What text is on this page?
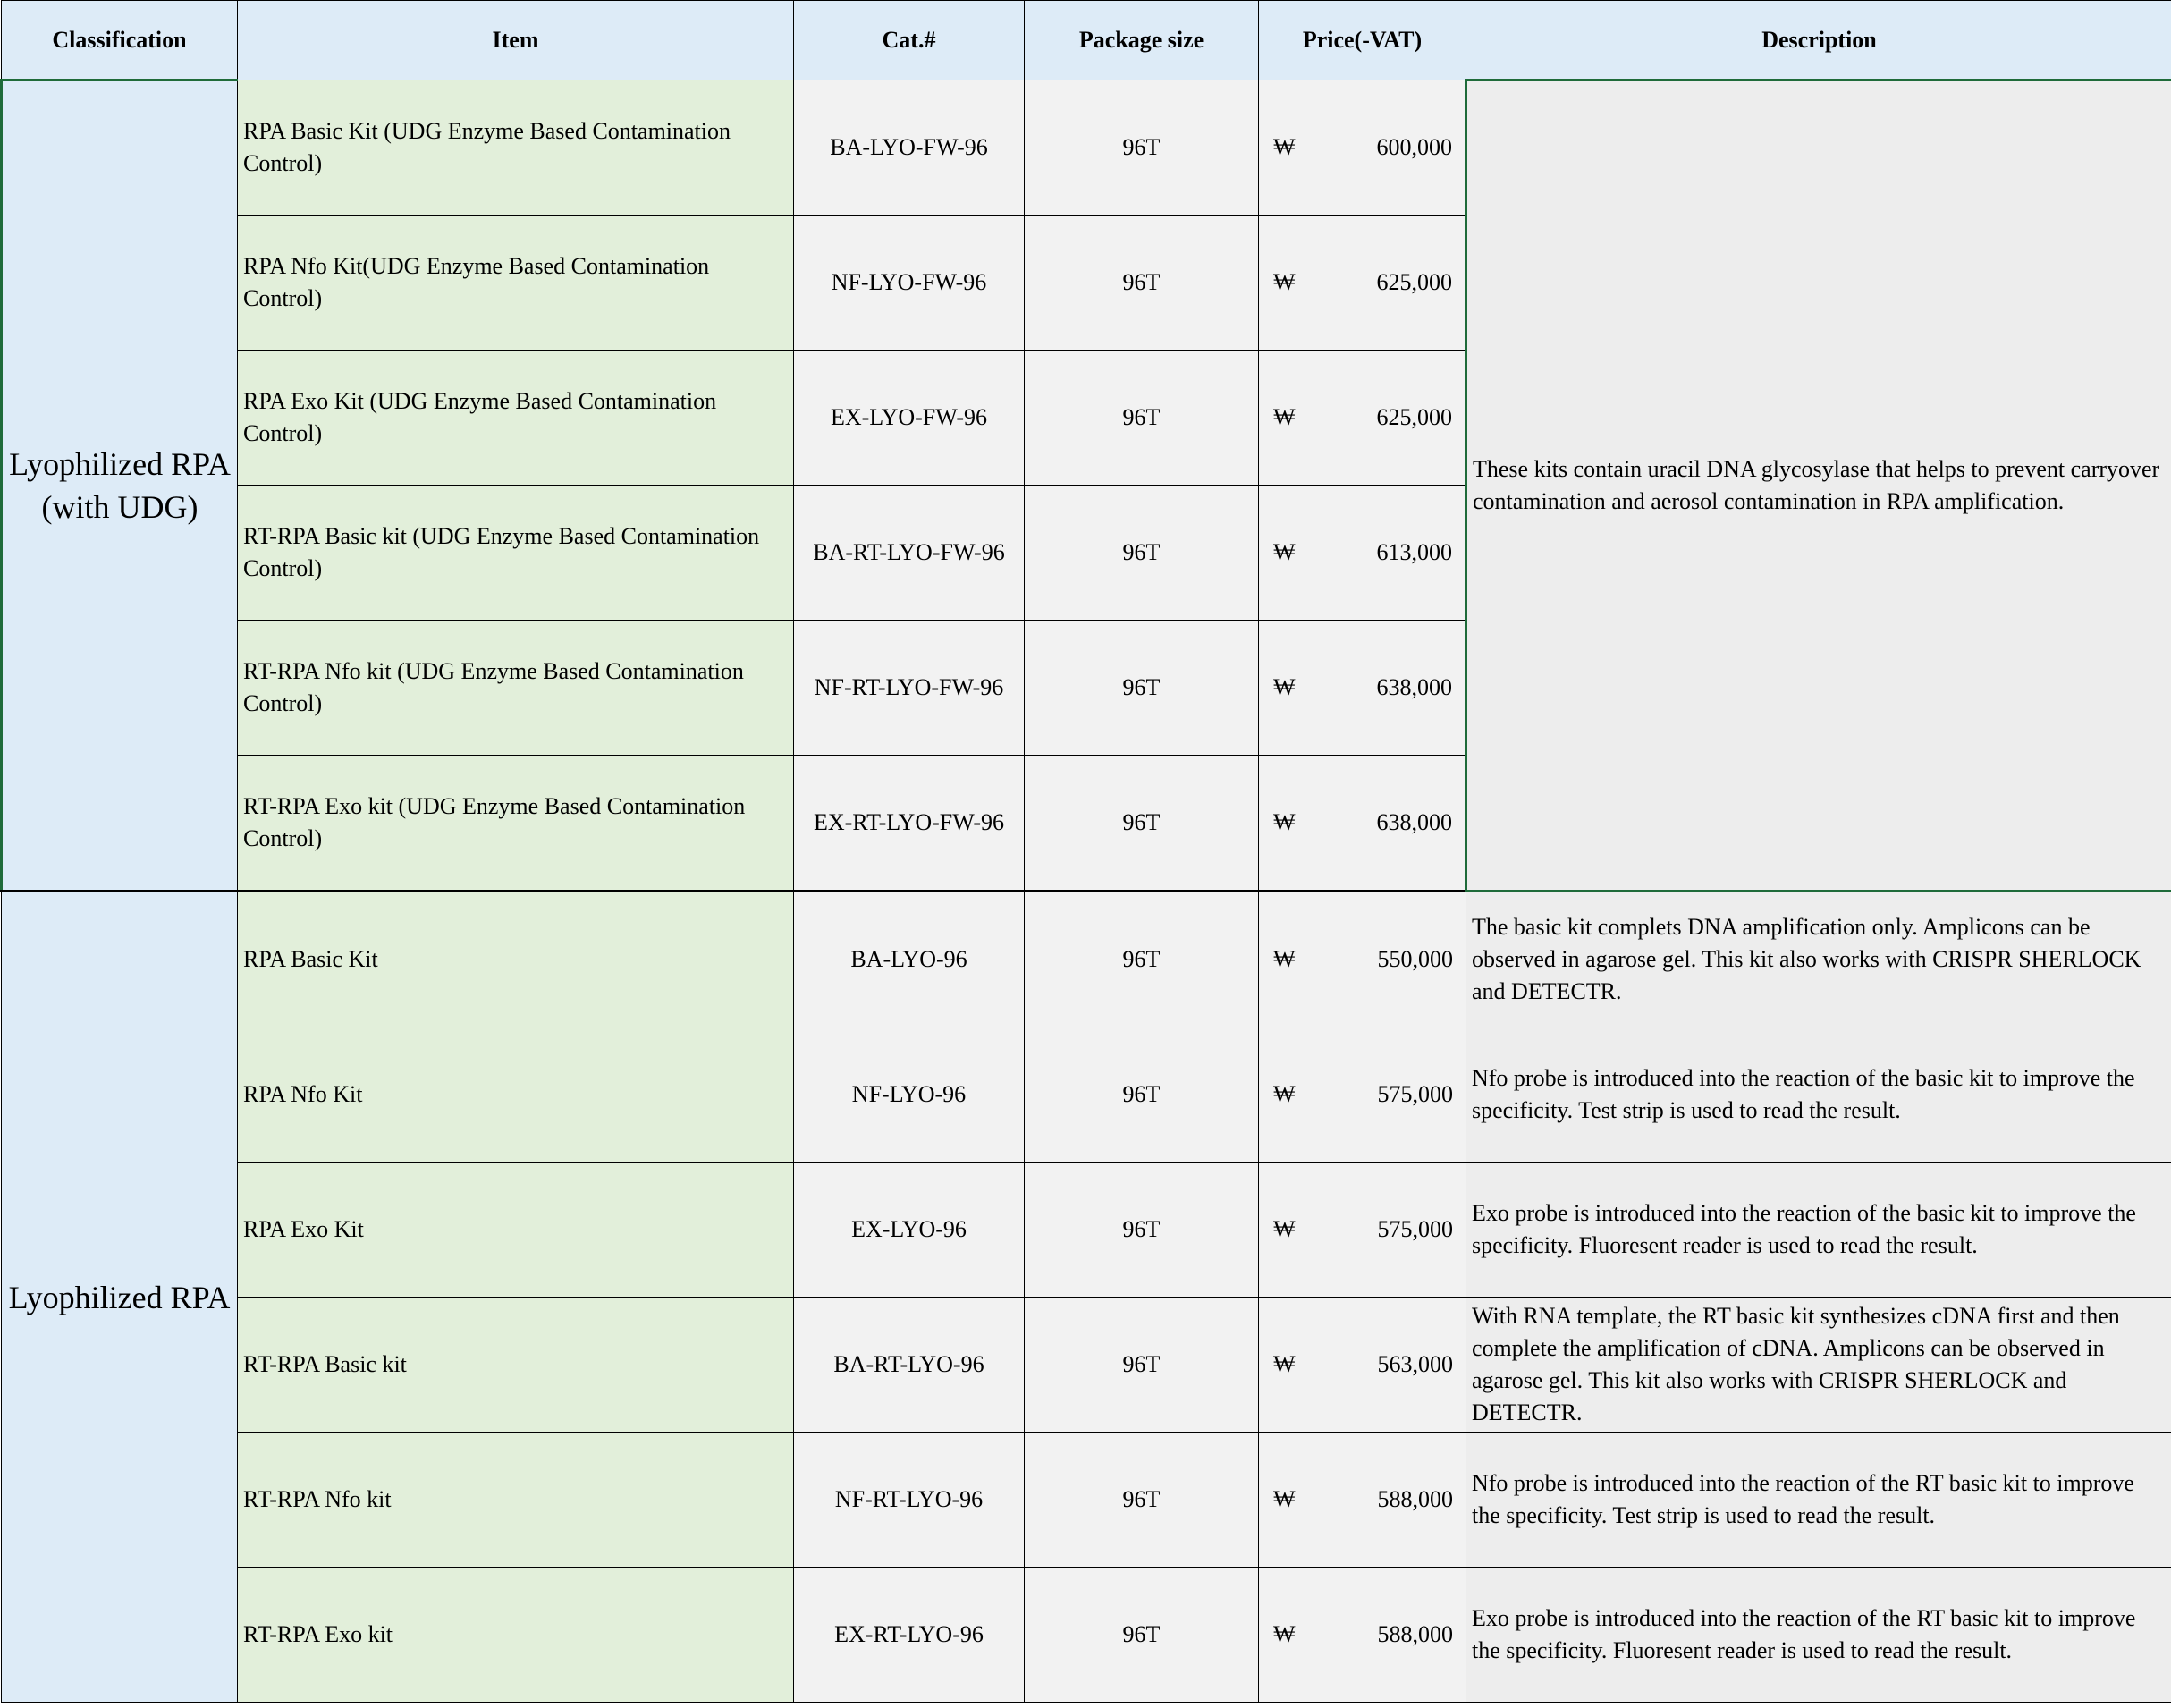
Classification	Item	Cat.#	Package size	Price(-VAT)	Description
Lyophilized RPA (with UDG)	RPA Basic Kit (UDG Enzyme Based Contamination Control)	BA-LYO-FW-96	96T	₩ 600,000	These kits contain uracil DNA glycosylase that helps to prevent carryover contamination and aerosol contamination in RPA amplification.
	RPA Nfo Kit(UDG Enzyme Based Contamination Control)	NF-LYO-FW-96	96T	₩ 625,000	

	RPA Exo Kit (UDG Enzyme Based Contamination Control)	EX-LYO-FW-96	96T	₩ 625,000	

	RT-RPA Basic kit (UDG Enzyme Based Contamination Control)	BA-RT-LYO-FW-96	96T	₩ 613,000	

	RT-RPA Nfo kit (UDG Enzyme Based Contamination Control)	NF-RT-LYO-FW-96	96T	₩ 638,000	

	RT-RPA Exo kit (UDG Enzyme Based Contamination Control)	EX-RT-LYO-FW-96	96T	₩ 638,000	

Lyophilized RPA	RPA Basic Kit	BA-LYO-96	96T	₩ 550,000	The basic kit complets DNA amplification only. Amplicons can be observed in agarose gel. This kit also works with CRISPR SHERLOCK and DETECTR.
	RPA Nfo Kit	NF-LYO-96	96T	₩ 575,000	Nfo probe is introduced into the reaction of the basic kit to improve the specificity. Test strip is used to read the result.
	RPA Exo Kit	EX-LYO-96	96T	₩ 575,000	Exo probe is introduced into the reaction of the basic kit to improve the specificity. Fluoresent reader is used to read the result.
	RT-RPA Basic kit	BA-RT-LYO-96	96T	₩ 563,000	With RNA template, the RT basic kit synthesizes cDNA first and then complete the amplification of cDNA. Amplicons can be observed in agarose gel. This kit also works with CRISPR SHERLOCK and DETECTR.
	RT-RPA Nfo kit	NF-RT-LYO-96	96T	₩ 588,000	Nfo probe is introduced into the reaction of the RT basic kit to improve the specificity. Test strip is used to read the result.
	RT-RPA Exo kit	EX-RT-LYO-96	96T	₩ 588,000	Exo probe is introduced into the reaction of the RT basic kit to improve the specificity. Fluoresent reader is used to read the result.
